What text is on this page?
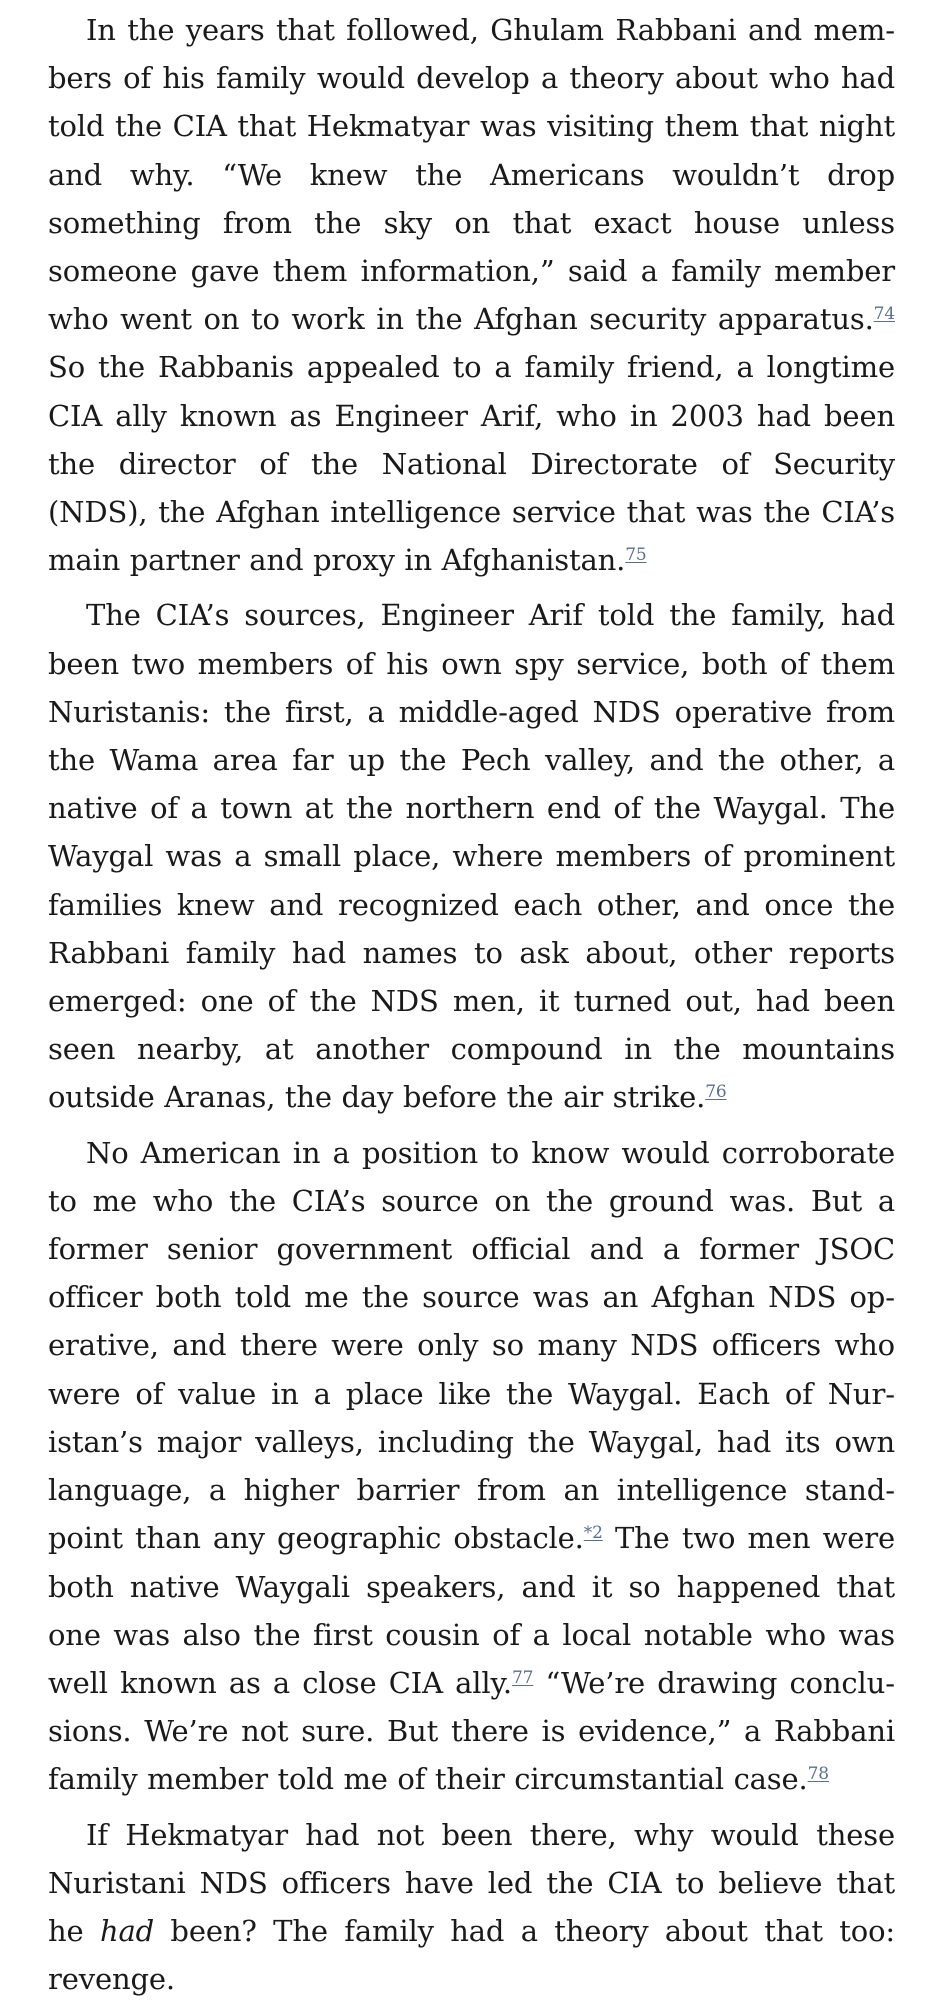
In the years that followed, Ghulam Rabbani and members of his family would develop a theory about who had told the CIA that Hekmatyar was visiting them that night and why. “We knew the Americans wouldn’t drop something from the sky on that exact house unless someone gave them information,” said a family member who went on to work in the Afghan security apparatus.$^{74}$ So the Rabbanis appealed to a family friend, a longtime CIA ally known as Engineer Arif, who in 2003 had been the director of the National Directorate of Security (NDS), the Afghan intelligence service that was the CIA’s main partner and proxy in Afghanistan.$^{75}$

The CIA’s sources, Engineer Arif told the family, had been two members of his own spy service, both of them Nuristanis: the first, a middle-aged NDS operative from the Wama area far up the Pech valley, and the other, a native of a town at the northern end of the Waygal. The Waygal was a small place, where members of prominent families knew and recognized each other, and once the Rabbani family had names to ask about, other reports emerged: one of the NDS men, it turned out, had been seen nearby, at another compound in the mountains outside Aranas, the day before the air strike.$^{76}$

No American in a position to know would corroborate to me who the CIA’s source on the ground was. But a former senior government official and a former JSOC officer both told me the source was an Afghan NDS operative, and there were only so many NDS officers who were of value in a place like the Waygal. Each of Nuristan’s major valleys, including the Waygal, had its own language, a higher barrier from an intelligence standpoint than any geographic obstacle.$^{*2}$ The two men were both native Waygali speakers, and it so happened that one was also the first cousin of a local notable who was well known as a close CIA ally.$^{77}$ “We’re drawing conclusions. We’re not sure. But there is evidence,” a Rabbani family member told me of their circumstantial case.$^{78}$

If Hekmatyar had not been there, why would these Nuristani NDS officers have led the CIA to believe that he had been? The family had a theory about that too: revenge.
